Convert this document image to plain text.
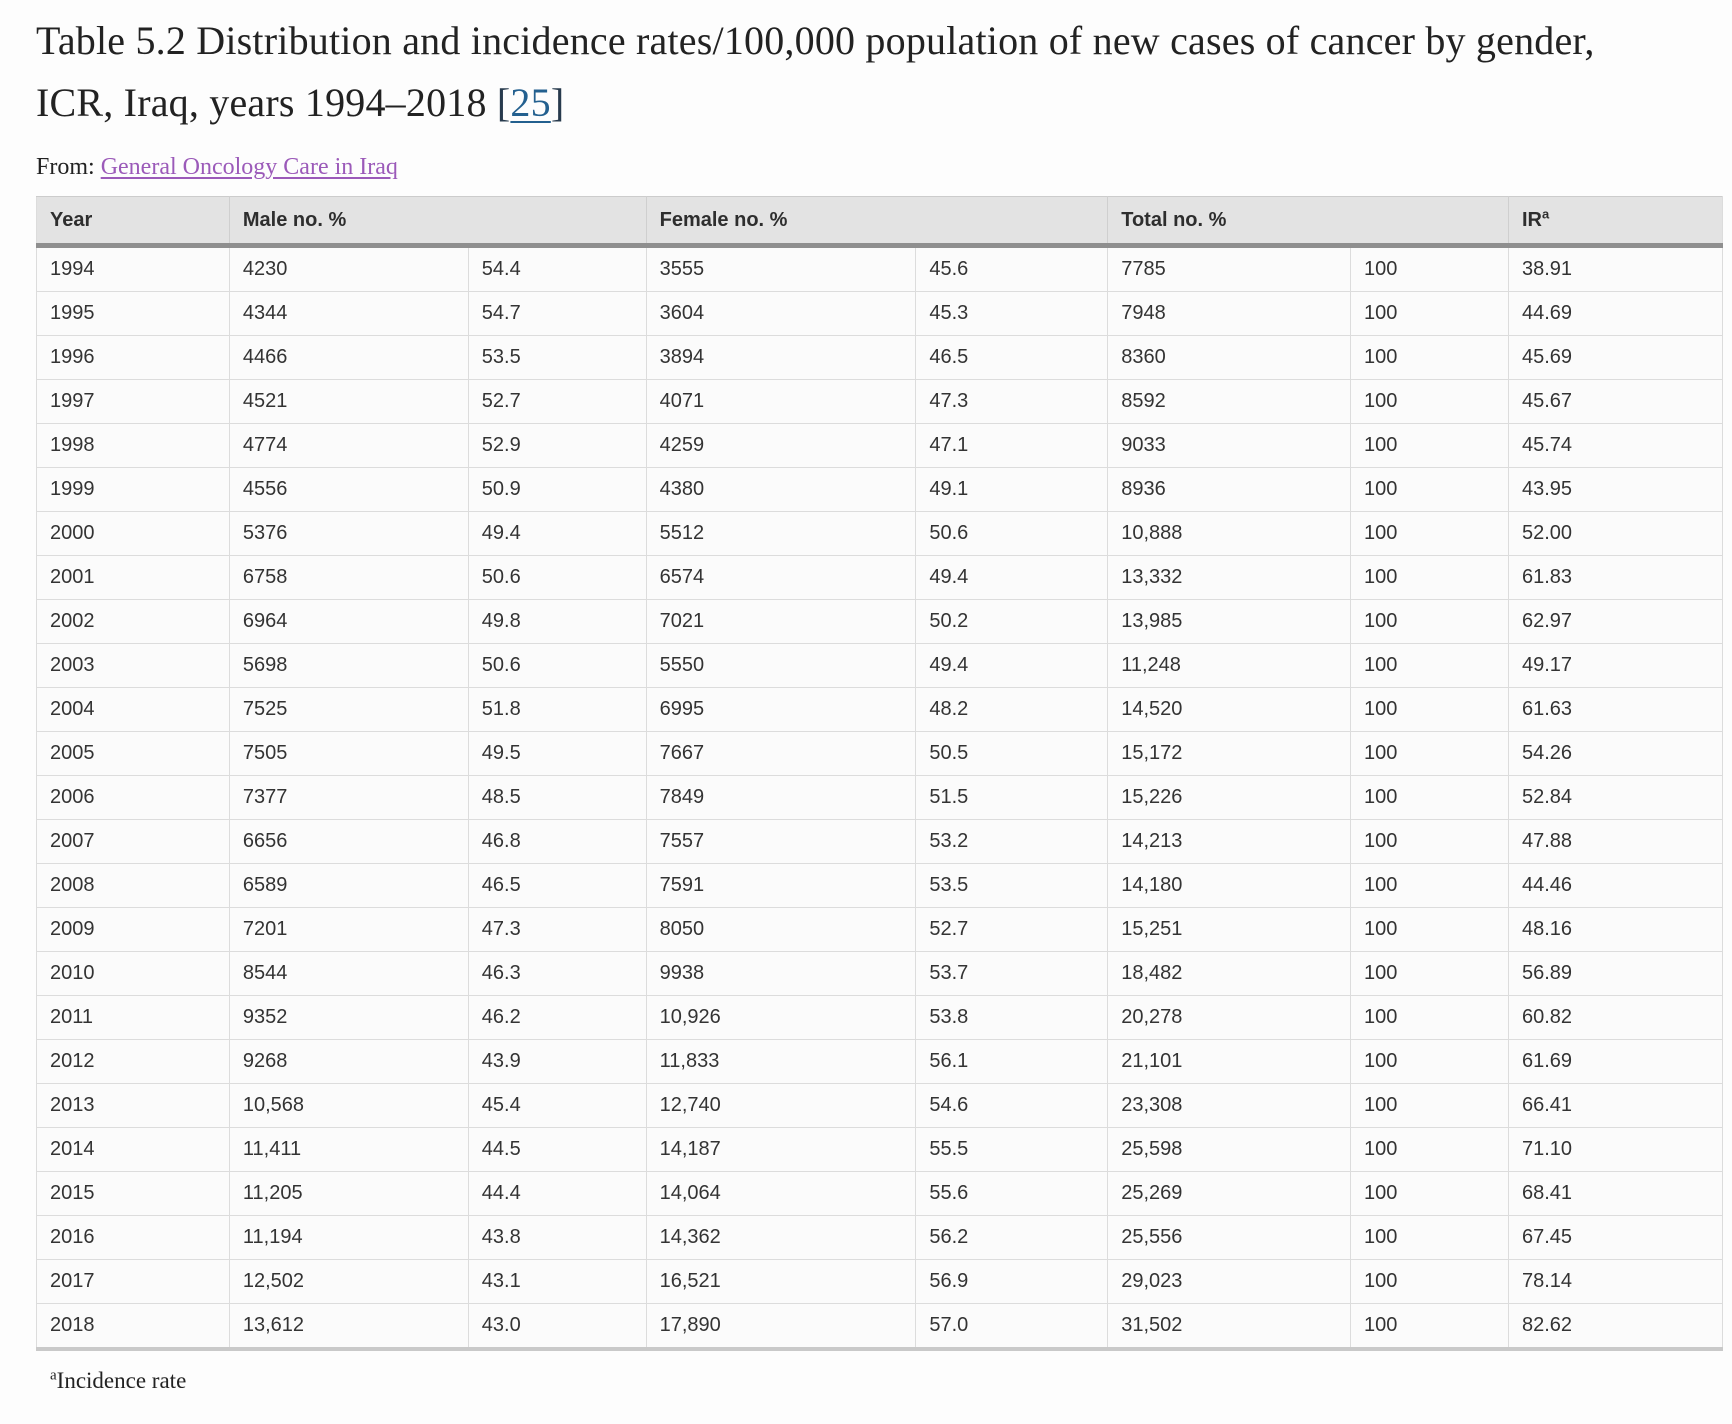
Table 5.2 Distribution and incidence rates/100,000 population of new cases of cancer by gender, ICR, Iraq, years 1994–2018 [25]

From: General Oncology Care in Iraq

Year	Male no. %		Female no. %		Total no. %		$IR^a$
1994	4230	54.4	3555	45.6	7785	100	38.91
1995	4344	54.7	3604	45.3	7948	100	44.69
1996	4466	53.5	3894	46.5	8360	100	45.69
1997	4521	52.7	4071	47.3	8592	100	45.67
1998	4774	52.9	4259	47.1	9033	100	45.74
1999	4556	50.9	4380	49.1	8936	100	43.95
2000	5376	49.4	5512	50.6	10,888	100	52.00
2001	6758	50.6	6574	49.4	13,332	100	61.83
2002	6964	49.8	7021	50.2	13,985	100	62.97
2003	5698	50.6	5550	49.4	11,248	100	49.17
2004	7525	51.8	6995	48.2	14,520	100	61.63
2005	7505	49.5	7667	50.5	15,172	100	54.26
2006	7377	48.5	7849	51.5	15,226	100	52.84
2007	6656	46.8	7557	53.2	14,213	100	47.88
2008	6589	46.5	7591	53.5	14,180	100	44.46
2009	7201	47.3	8050	52.7	15,251	100	48.16
2010	8544	46.3	9938	53.7	18,482	100	56.89
2011	9352	46.2	10,926	53.8	20,278	100	60.82
2012	9268	43.9	11,833	56.1	21,101	100	61.69
2013	10,568	45.4	12,740	54.6	23,308	100	66.41
2014	11,411	44.5	14,187	55.5	25,598	100	71.10
2015	11,205	44.4	14,064	55.6	25,269	100	68.41
2016	11,194	43.8	14,362	56.2	25,556	100	67.45
2017	12,502	43.1	16,521	56.9	29,023	100	78.14
2018	13,612	43.0	17,890	57.0	31,502	100	82.62

$^a$Incidence rate
